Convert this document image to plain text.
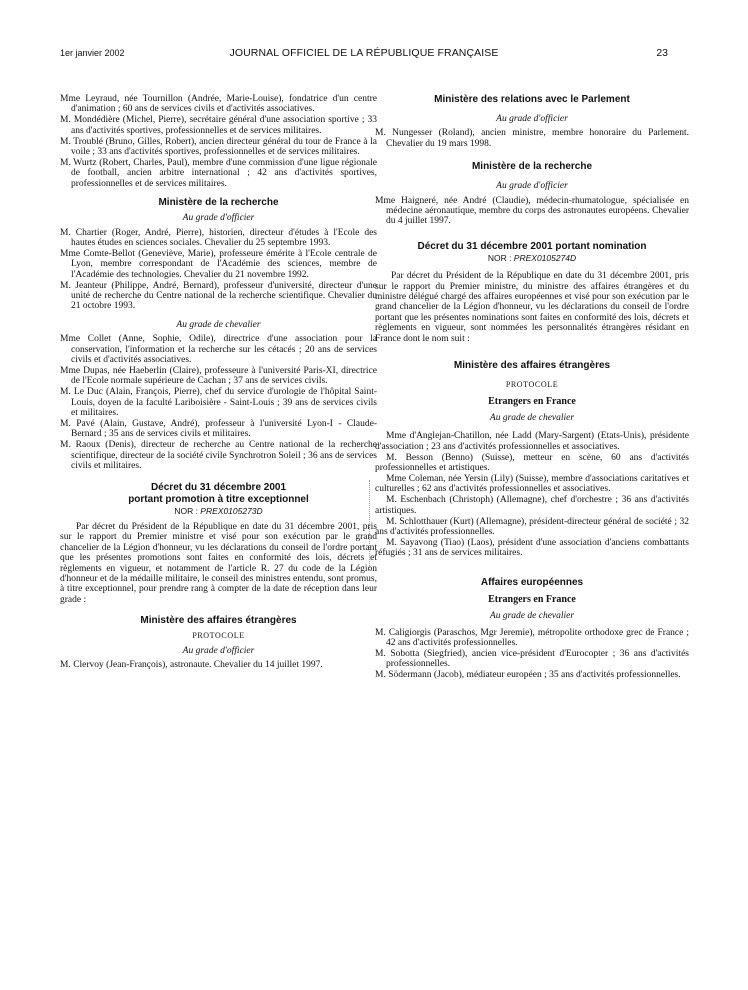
1er janvier 2002	JOURNAL OFFICIEL DE LA RÉPUBLIQUE FRANÇAISE	23

Mme Leyraud, née Tournillon (Andrée, Marie-Louise), fondatrice d'un centre d'animation ; 60 ans de services civils et d'activités associatives.

M. Mondédière (Michel, Pierre), secrétaire général d'une association sportive ; 33 ans d'activités sportives, professionnelles et de services militaires.

M. Troublé (Bruno, Gilles, Robert), ancien directeur général du tour de France à la voile ; 33 ans d'activités sportives, professionnelles et de services militaires.

M. Wurtz (Robert, Charles, Paul), membre d'une commission d'une ligue régionale de football, ancien arbitre international ; 42 ans d'activités sportives, professionnelles et de services militaires.

Ministère de la recherche
Au grade d'officier

M. Chartier (Roger, André, Pierre), historien, directeur d'études à l'Ecole des hautes études en sciences sociales. Chevalier du 25 septembre 1993.

Mme Comte-Bellot (Geneviève, Marie), professeure émérite à l'Ecole centrale de Lyon, membre correspondant de l'Académie des sciences, membre de l'Académie des technologies. Chevalier du 21 novembre 1992.

M. Jeanteur (Philippe, André, Bernard), professeur d'université, directeur d'une unité de recherche du Centre national de la recherche scientifique. Chevalier du 21 octobre 1993.

Au grade de chevalier

Mme Collet (Anne, Sophie, Odile), directrice d'une association pour la conservation, l'information et la recherche sur les cétacés ; 20 ans de services civils et d'activités associatives.

Mme Dupas, née Haeberlin (Claire), professeure à l'université Paris-XI, directrice de l'Ecole normale supérieure de Cachan ; 37 ans de services civils.

M. Le Duc (Alain, François, Pierre), chef du service d'urologie de l'hôpital Saint-Louis, doyen de la faculté Lariboisière - Saint-Louis ; 39 ans de services civils et militaires.

M. Pavé (Alain, Gustave, André), professeur à l'université Lyon-I - Claude-Bernard ; 35 ans de services civils et militaires.

M. Raoux (Denis), directeur de recherche au Centre national de la recherche scientifique, directeur de la société civile Synchrotron Soleil ; 36 ans de services civils et militaires.

Décret du 31 décembre 2001
portant promotion à titre exceptionnel
NOR : PREX0105273D

Par décret du Président de la République en date du 31 décembre 2001, pris sur le rapport du Premier ministre et visé pour son exécution par le grand chancelier de la Légion d'honneur, vu les déclarations du conseil de l'ordre portant que les présentes promotions sont faites en conformité des lois, décrets et règlements en vigueur, et notamment de l'article R. 27 du code de la Légion d'honneur et de la médaille militaire, le conseil des ministres entendu, sont promus, à titre exceptionnel, pour prendre rang à compter de la date de réception dans leur grade :

Ministère des affaires étrangères
PROTOCOLE
Au grade d'officier

M. Clervoy (Jean-François), astronaute. Chevalier du 14 juillet 1997.

Ministère des relations avec le Parlement
Au grade d'officier

M. Nungesser (Roland), ancien ministre, membre honoraire du Parlement. Chevalier du 19 mars 1998.

Ministère de la recherche
Au grade d'officier

Mme Haigneré, née André (Claudie), médecin-rhumatologue, spécialisée en médecine aéronautique, membre du corps des astronautes européens. Chevalier du 4 juillet 1997.

Décret du 31 décembre 2001 portant nomination
NOR : PREX0105274D

Par décret du Président de la République en date du 31 décembre 2001, pris sur le rapport du Premier ministre, du ministre des affaires étrangères et du ministre délégué chargé des affaires européennes et visé pour son exécution par le grand chancelier de la Légion d'honneur, vu les déclarations du conseil de l'ordre portant que les présentes nominations sont faites en conformité des lois, décrets et règlements en vigueur, sont nommées les personnalités étrangères résidant en France dont le nom suit :

Ministère des affaires étrangères
PROTOCOLE
Etrangers en France
Au grade de chevalier

Mme d'Anglejan-Chatillon, née Ladd (Mary-Sargent) (Etats-Unis), présidente d'association ; 23 ans d'activités professionnelles et associatives.

M. Besson (Benno) (Suisse), metteur en scène, 60 ans d'activités professionnelles et artistiques.

Mme Coleman, née Yersin (Lily) (Suisse), membre d'associations caritatives et culturelles ; 62 ans d'activités professionnelles et associatives.

M. Eschenbach (Christoph) (Allemagne), chef d'orchestre ; 36 ans d'activités artistiques.

M. Schlotthauer (Kurt) (Allemagne), président-directeur général de société ; 32 ans d'activités professionnelles.

M. Sayavong (Tiao) (Laos), président d'une association d'anciens combattants réfugiés ; 31 ans de services militaires.

Affaires européennes
Etrangers en France
Au grade de chevalier

M. Caligiorgis (Paraschos, Mgr Jeremie), métropolite orthodoxe grec de France ; 42 ans d'activités professionnelles.

M. Sobotta (Siegfried), ancien vice-président d'Eurocopter ; 36 ans d'activités professionnelles.

M. Södermann (Jacob), médiateur européen ; 35 ans d'activités professionnelles.
